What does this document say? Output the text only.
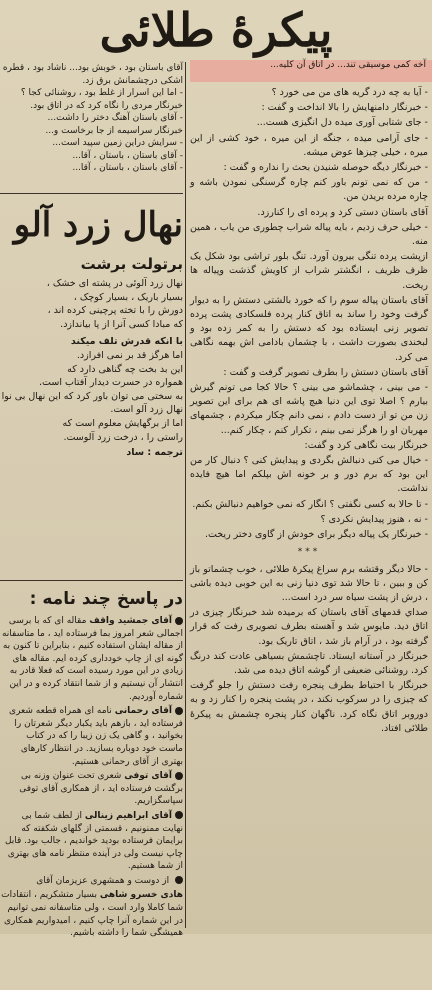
پیکرهٔ طلائی
آخه کمی موسیقی تند... در اتاق آن کلیه...

- آیا به چه درد گریه های من می خورد ؟

- خبرنگار دامنهایش را بالا انداخت و گفت :

- جای شتابی آوری میده دل انگیزی هست...

- جای آرامی میده ، جنگه از این میره ، خود کشی از این میره ، خیلی چیزها عوض میشه.

- خبرنگار دیگه حوصله شنیدن بحث را نداره و گفت :

- من که نمی تونم باور کنم چاره گرسنگی نمودن باشه و چاره مرده بریدن من.

آقای باستان دستی کرد و پرده ای را کنارزد.

- خیلی حرف زدیم ، بایه پیاله شراب چطوری من یاب ، همین منه.

ازپشت پرده تنگی بیرون آورد. تنگ بلور تراشی بود شکل یک ظرف ظریف ، انگشتر شراب از کاویش گذشت وپیاله ها ریخت.

آقای باستان پیاله سوم را که خورد بالشتی دستش را به دیوار گرفت وخود را ساند به اتاق کنار پرده فلسکادی پشت پرده تصویر زنی ایستاده بود که دستش را به کمر زده بود و لبخندی بصورت داشت ، با چشمان بادامی اش بهمه نگاهی می کرد.

آقای باستان دستش را بطرف تصویر گرفت و گفت :

- می بینی ، چشماشو می بینی ؟ حالا کجا می تونم گیرش بیارم ؟ اصلا توی این دنیا هیچ پاشه ای هم برای این تصویر زن من تو از دست دادم ، نمی دانم چکار میکردم ، چشمهای مهربان او را هرگز نمی بینم ، تکرار کنم ، چکار کنم...

خبرنگار بیت نگاهی کرد و گفت:

- خیال می کنی دنبالش بگردی و پیدایش کنی ؟ دنبال کار من این بود که برم دور و بر خونه اش بپلکم اما هیچ فایده نداشت.

- تا حالا به کسی نگفتی ؟ انگار که نمی خواهیم دنبالش بکنم.

- نه ، هنوز پیدایش نکردی ؟

- خبرنگار یک پیاله دیگر برای خودش از گاوی دختر ریخت.

***

- حالا دیگر وقتشه برم سراغ پیکرهٔ طلائی ، خوب چشماتو باز کن و ببین ، تا حالا شد توی دنیا زنی به این خوبی دیده باشی ، درش از پشت سیاه سر درد است...

صداي قدمهای آقای باستان که برمیده شد خبرنگار چیزی در اتاق دید. مایوس شد و آهسته بطرف تصویری رفت که قرار گرفته بود ، در آرام باز شد ، اتاق تاریک بود.

خبرنگار در آستانه ایستاد. تاچشمش بسیاهی عادت کند درنگ کرد. روشنائی ضعیفی از گوشه اتاق دیده می شد.

خبرنگار با احتیاط بطرف پنجره رفت دستش را جلو گرفت که چیزی را در سرکوب نکند ، در پشت پنجره را کنار زد و به دوروبر اتاق نگاه کرد. ناگهان کنار پنجره چشمش به پیکرهٔ طلائی افتاد.

آقای باستان بود ، خوبش بود... ناشاد بود ، قطره اشکی درچشمانش برق زد.

- اما این اسرار از غلط بود ، روشنائی کجا ؟

خبرنگار مردی را نگاه کرد که در اتاق بود.

- آقای باستان آهنگ دختر را داشت...

خبرنگار سراسیمه از جا برخاست و...

- سرایش دراین زمین سپید است...

- آقای باستان ، باستان ، آقا...

- آقای باستان ، باستان ، آقا...

نهال زرد آلو
برتولت برشت

نهال زرد آلوئی در پشته ای خشک ،

بسیار باریک ، بسیار کوچک ،

دورش را با تخته پرچینی کرده اند ،

که مبادا کسی آنرا از پا بیاندازد.

با انکه قدرش تلف میکند

اما هرگز قد بر نمی افرازد.

این بد بخت چه گناهی دارد که

همواره در حسرت دیدار آفتاب است.

به سختی می توان باور کرد که این نهال بی نوا

نهال زرد آلو است.

اما از برگهایش معلوم است که

راستی را ، درخت زرد آلوست.

ترجمه : ساد

در پاسخ چند نامه :

آقای جمشید واقف مقاله ای که با برسی اجمالی شعر امروز بما فرستاده اید ، ما متاسفانه از مقاله ایشان استفاده کنیم ، بنابراین تا کنون به گونه ای از چاپ خودداری کرده ایم. مقاله های زیادی در این مورد رسیده است که فعلا قادر به انتشار آن نیستیم و از شما انتقاد کرده و در این شماره آوردیم.

آقای رحمانی نامه ای همراه قطعه شعری فرستاده اید ، بازهم باید یکبار دیگر شعرتان را بخوانید ، و گاهی یک زن زیبا را که در کتاب ماست خود دوباره بسازید. در انتظار کارهای بهتری از آقای رحمانی هستیم.

آقای توفی شعری تحت عنوان وزنه بی برگشت فرستاده اید ، از همکاری آقای توفی سپاسگزاریم.

آقای ابراهیم زینالی از لطف شما بی نهایت ممنونیم ، قسمتی از گلهای شکفته که برایمان فرستاده بودید خواندیم ، جالب بود. قابل چاپ نیست ولی در آینده منتظر نامه های بهتری از شما هستیم.

از دوست و همشهری عزیزمان آقای

هادی خسرو شاهی بسیار متشکریم ، انتقادات شما کاملا وارد است ، ولی متاسفانه نمی توانیم در این شماره آنرا چاپ کنیم ، امیدواریم همکاری همیشگی شما را داشته باشیم.
